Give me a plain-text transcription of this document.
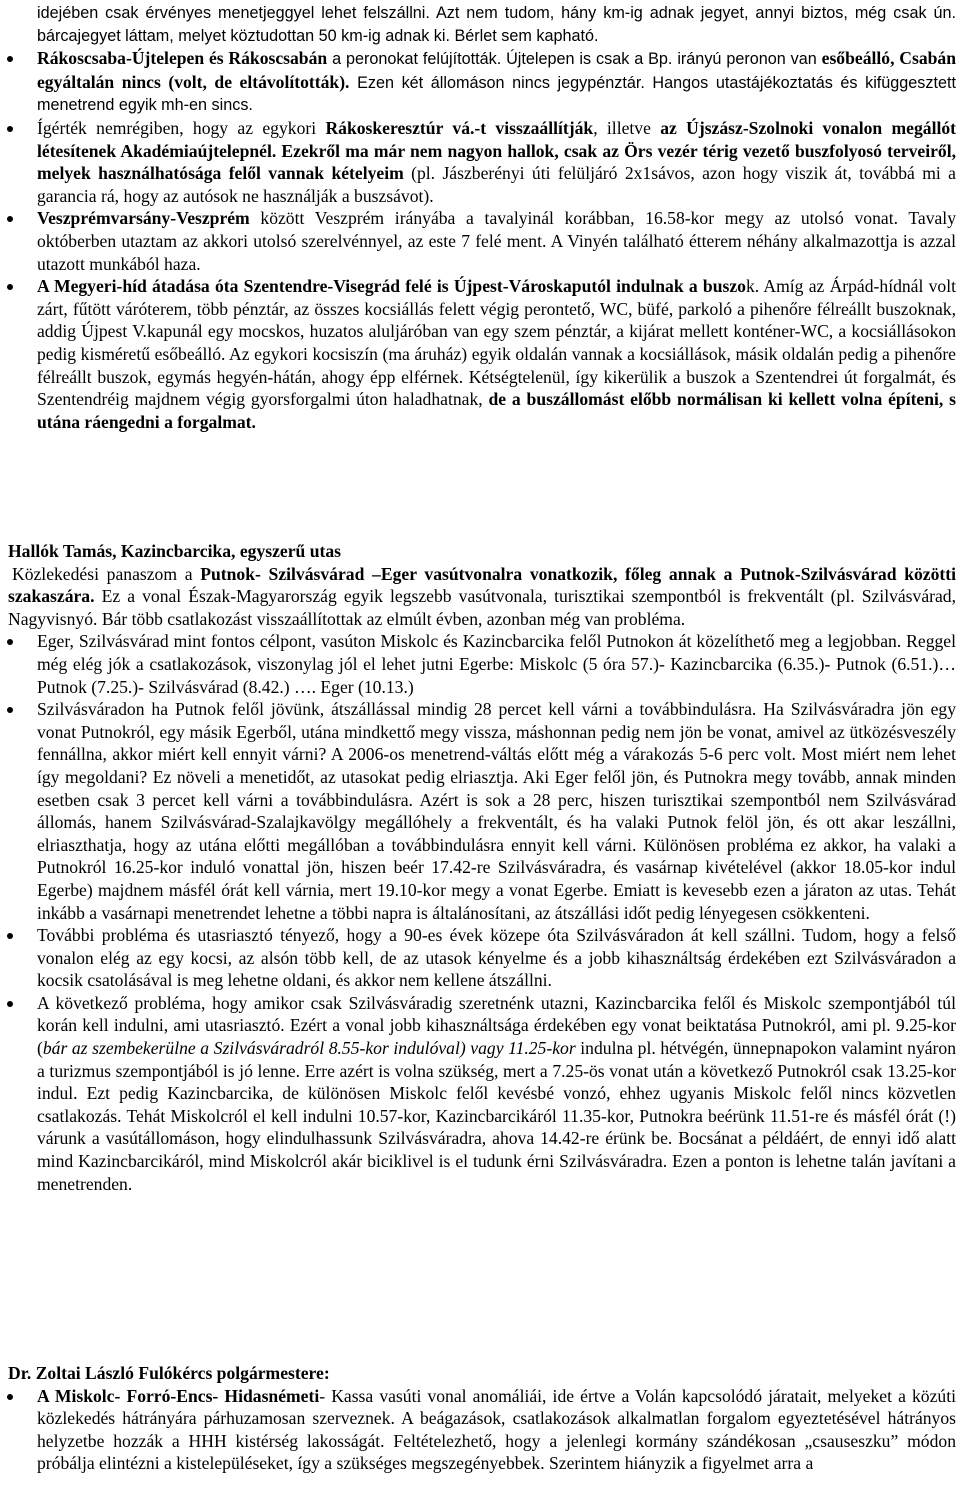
idejében csak érvényes menetjeggyel lehet felszállni. Azt nem tudom, hány km-ig adnak jegyet, annyi biztos, még csak ún. bárcajegyet láttam, melyet köztudottan 50 km-ig adnak ki. Bérlet sem kapható.
Rákoscsaba-Újtelepen és Rákoscsabán a peronokat felújították. Újtelepen is csak a Bp. irányú peronon van esőbeálló, Csabán egyáltalán nincs (volt, de eltávolították). Ezen két állomáson nincs jegypénztár. Hangos utastájékoztatás és kifüggesztett menetrend egyik mh-en sincs.
Ígérték nemrégiben, hogy az egykori Rákoskeresztúr vá.-t visszaállítják, illetve az Újszász-Szolnoki vonalon megállót létesítenek Akadémiaújtelepnél. Ezekről ma már nem nagyon hallok, csak az Örs vezér térig vezető buszfolyosó terveiről, melyek használhatósága felől vannak kételyeim (pl. Jászberényi úti felüljáró 2x1sávos, azon hogy viszik át, továbbá mi a garancia rá, hogy az autósok ne használják a buszsávot).
Veszprémvarsány-Veszprém között Veszprém irányába a tavalyinál korábban, 16.58-kor megy az utolsó vonat. Tavaly októberben utaztam az akkori utolsó szerelvénnyel, az este 7 felé ment. A Vinyén található étterem néhány alkalmazottja is azzal utazott munkából haza.
A Megyeri-híd átadása óta Szentendre-Visegrád felé is Újpest-Városkaputól indulnak a buszok. Amíg az Árpád-hídnál volt zárt, fűtött váróterem, több pénztár, az összes kocsiállás felett végig perontető, WC, büfé, parkoló a pihenőre félreállt buszoknak, addig Újpest V.kapunál egy mocskos, huzatos aluljáróban van egy szem pénztár, a kijárat mellett konténer-WC, a kocsiállásokon pedig kisméretű esőbeálló. Az egykori kocsiszín (ma áruház) egyik oldalán vannak a kocsiállások, másik oldalán pedig a pihenőre félreállt buszok, egymás hegyén-hátán, ahogy épp elférnek. Kétségtelenül, így kikerülik a buszok a Szentendrei út forgalmát, és Szentendréig majdnem végig gyorsforgalmi úton haladhatnak, de a buszállomást előbb normálisan ki kellett volna építeni, s utána ráengedni a forgalmat.
Hallók Tamás, Kazincbarcika, egyszerű utas
Közlekedési panaszom a Putnok- Szilvásvárad –Eger vasútvonalra vonatkozik, főleg annak a Putnok-Szilvásvárad közötti szakaszára. Ez a vonal Észak-Magyarország egyik legszebb vasútvonala, turisztikai szempontból is frekventált (pl. Szilvásvárad, Nagyvisnyó. Bár több csatlakozást visszaállítottak az elmúlt évben, azonban még van probléma.
Eger, Szilvásvárad mint fontos célpont, vasúton Miskolc és Kazincbarcika felől Putnokon át közelíthető meg a legjobban. Reggel még elég jók a csatlakozások, viszonylag jól el lehet jutni Egerbe: Miskolc (5 óra 57.)- Kazincbarcika (6.35.)- Putnok (6.51.)… Putnok (7.25.)- Szilvásvárad (8.42.) …. Eger (10.13.)
Szilvásváradon ha Putnok felől jövünk, átszállással mindig 28 percet kell várni a továbbindulásra. Ha Szilvásváradra jön egy vonat Putnokról, egy másik Egerből, utána mindkettő megy vissza, máshonnan pedig nem jön be vonat, amivel az ütközésveszély fennállna, akkor miért kell ennyit várni? A 2006-os menetrend-váltás előtt még a várakozás 5-6 perc volt. Most miért nem lehet így megoldani? Ez növeli a menetidőt, az utasokat pedig elriasztja. Aki Eger felől jön, és Putnokra megy tovább, annak minden esetben csak 3 percet kell várni a továbbindulásra. Azért is sok a 28 perc, hiszen turisztikai szempontból nem Szilvásvárad állomás, hanem Szilvásvárad-Szalajkavölgy megállóhely a frekventált, és ha valaki Putnok felöl jön, és ott akar leszállni, elriaszthatja, hogy az utána előtti megállóban a továbbindulásra ennyit kell várni. Különösen probléma ez akkor, ha valaki a Putnokról 16.25-kor induló vonattal jön, hiszen beér 17.42-re Szilvásváradra, és vasárnap kivételével (akkor 18.05-kor indul Egerbe) majdnem másfél órát kell várnia, mert 19.10-kor megy a vonat Egerbe. Emiatt is kevesebb ezen a járaton az utas. Tehát inkább a vasárnapi menetrendet lehetne a többi napra is általánosítani, az átszállási időt pedig lényegesen csökkenteni.
További probléma és utasriasztó tényező, hogy a 90-es évek közepe óta Szilvásváradon át kell szállni. Tudom, hogy a felső vonalon elég az egy kocsi, az alsón több kell, de az utasok kényelme és a jobb kihasználtság érdekében ezt Szilvásváradon a kocsik csatolásával is meg lehetne oldani, és akkor nem kellene átszállni.
A következő probléma, hogy amikor csak Szilvásváradig szeretnénk utazni, Kazincbarcika felől és Miskolc szempontjából túl korán kell indulni, ami utasriasztó. Ezért a vonal jobb kihasználtsága érdekében egy vonat beiktatása Putnokról, ami pl. 9.25-kor (bár az szembekerülne a Szilvásváradról 8.55-kor indulóval) vagy 11.25-kor indulna pl. hétvégén, ünnepnapokon valamint nyáron a turizmus szempontjából is jó lenne. Erre azért is volna szükség, mert a 7.25-ös vonat után a következő Putnokról csak 13.25-kor indul. Ezt pedig Kazincbarcika, de különösen Miskolc felől kevésbé vonzó, ehhez ugyanis Miskolc felől nincs közvetlen csatlakozás. Tehát Miskolcról el kell indulni 10.57-kor, Kazincbarcikáról 11.35-kor, Putnokra beérünk 11.51-re és másfél órát (!) várunk a vasútállomáson, hogy elindulhassunk Szilvásváradra, ahova 14.42-re érünk be. Bocsánat a példáért, de ennyi idő alatt mind Kazincbarcikáról, mind Miskolcról akár biciklivel is el tudunk érni Szilvásváradra. Ezen a ponton is lehetne talán javítani a menetrenden.
Dr. Zoltai László Fulókércs polgármestere:
A Miskolc- Forró-Encs- Hidasnémeti- Kassa vasúti vonal anomáliái, ide értve a Volán kapcsolódó járatait, melyeket a közúti közlekedés hátrányára párhuzamosan szerveznek. A beágazások, csatlakozások alkalmatlan forgalom egyeztetésével hátrányos helyzetbe hozzák a HHH kistérség lakosságát. Feltételezhető, hogy a jelenlegi kormány szándékosan „csauseszku” módon próbálja elintézni a kistelepüléseket, így a szükséges megszegényebbek. Szerintem hiányzik a figyelmet arra a
